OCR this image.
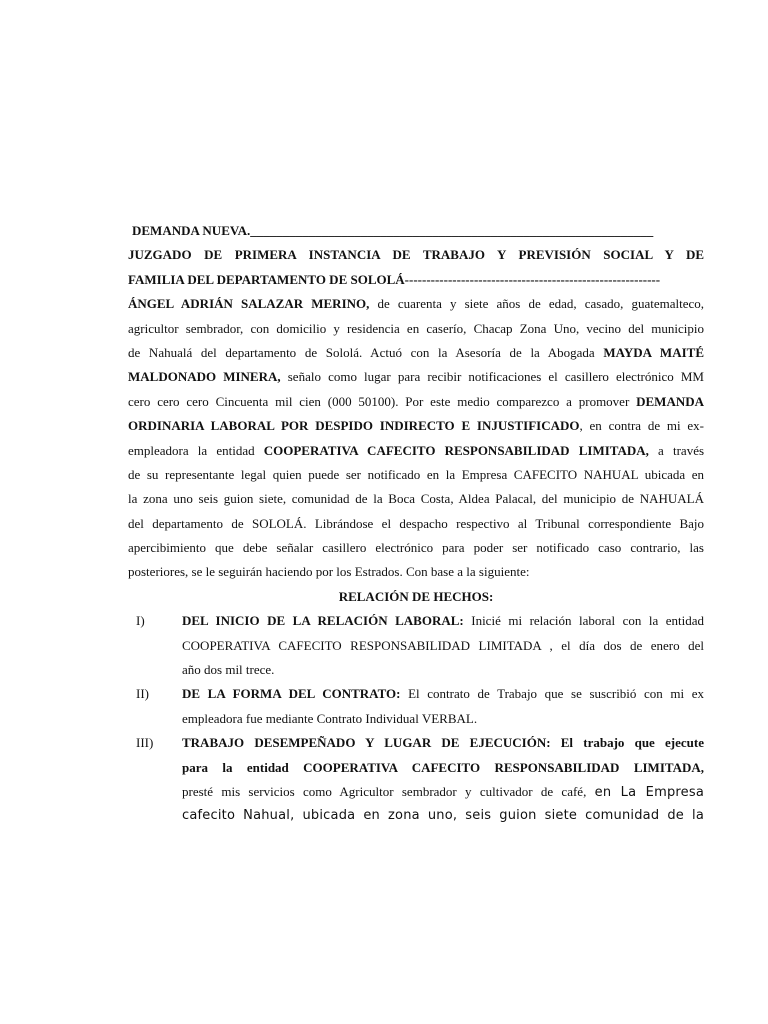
DEMANDA NUEVA.______________________________________________________________
JUZGADO DE PRIMERA INSTANCIA DE TRABAJO Y PREVISIÓN SOCIAL Y DE
FAMILIA DEL DEPARTAMENTO DE SOLOLÁ-----------------------------------------------------------
ÁNGEL ADRIÁN SALAZAR MERINO, de cuarenta y siete años de edad, casado, guatemalteco,
agricultor sembrador, con domicilio y residencia en caserío, Chacap Zona Uno, vecino del municipio
de Nahualá del departamento de Sololá. Actuó con la Asesoría de la Abogada MAYDA MAITÉ
MALDONADO MINERA, señalo como lugar para recibir notificaciones el casillero electrónico MM
cero cero cero Cincuenta mil cien (000 50100). Por este medio comparezco a promover DEMANDA
ORDINARIA LABORAL POR DESPIDO INDIRECTO E INJUSTIFICADO, en contra de mi ex-
empleadora la entidad COOPERATIVA CAFECITO RESPONSABILIDAD LIMITADA, a través
de su representante legal quien puede ser notificado en la Empresa CAFECITO NAHUAL ubicada en
la zona uno seis guion siete, comunidad de la Boca Costa, Aldea Palacal, del municipio de NAHUALÁ
del departamento de SOLOLÁ. Librándose el despacho respectivo al Tribunal correspondiente Bajo
apercibimiento que debe señalar casillero electrónico para poder ser notificado caso contrario, las
posteriores, se le seguirán haciendo por los Estrados. Con base a la siguiente:
RELACIÓN DE HECHOS:
I)	DEL INICIO DE LA RELACIÓN LABORAL: Inicié mi relación laboral con la entidad
COOPERATIVA CAFECITO RESPONSABILIDAD LIMITADA , el día dos de enero del
año dos mil trece.
II)	DE LA FORMA DEL CONTRATO: El contrato de Trabajo que se suscribió con mi ex
empleadora fue mediante Contrato Individual VERBAL.
III)	TRABAJO DESEMPEÑADO Y LUGAR DE EJECUCIÓN: El trabajo que ejecute
para la entidad COOPERATIVA CAFECITO RESPONSABILIDAD LIMITADA,
presté mis servicios como Agricultor sembrador y cultivador de café, en La Empresa
cafecito Nahual, ubicada en zona uno, seis guion siete comunidad de la
